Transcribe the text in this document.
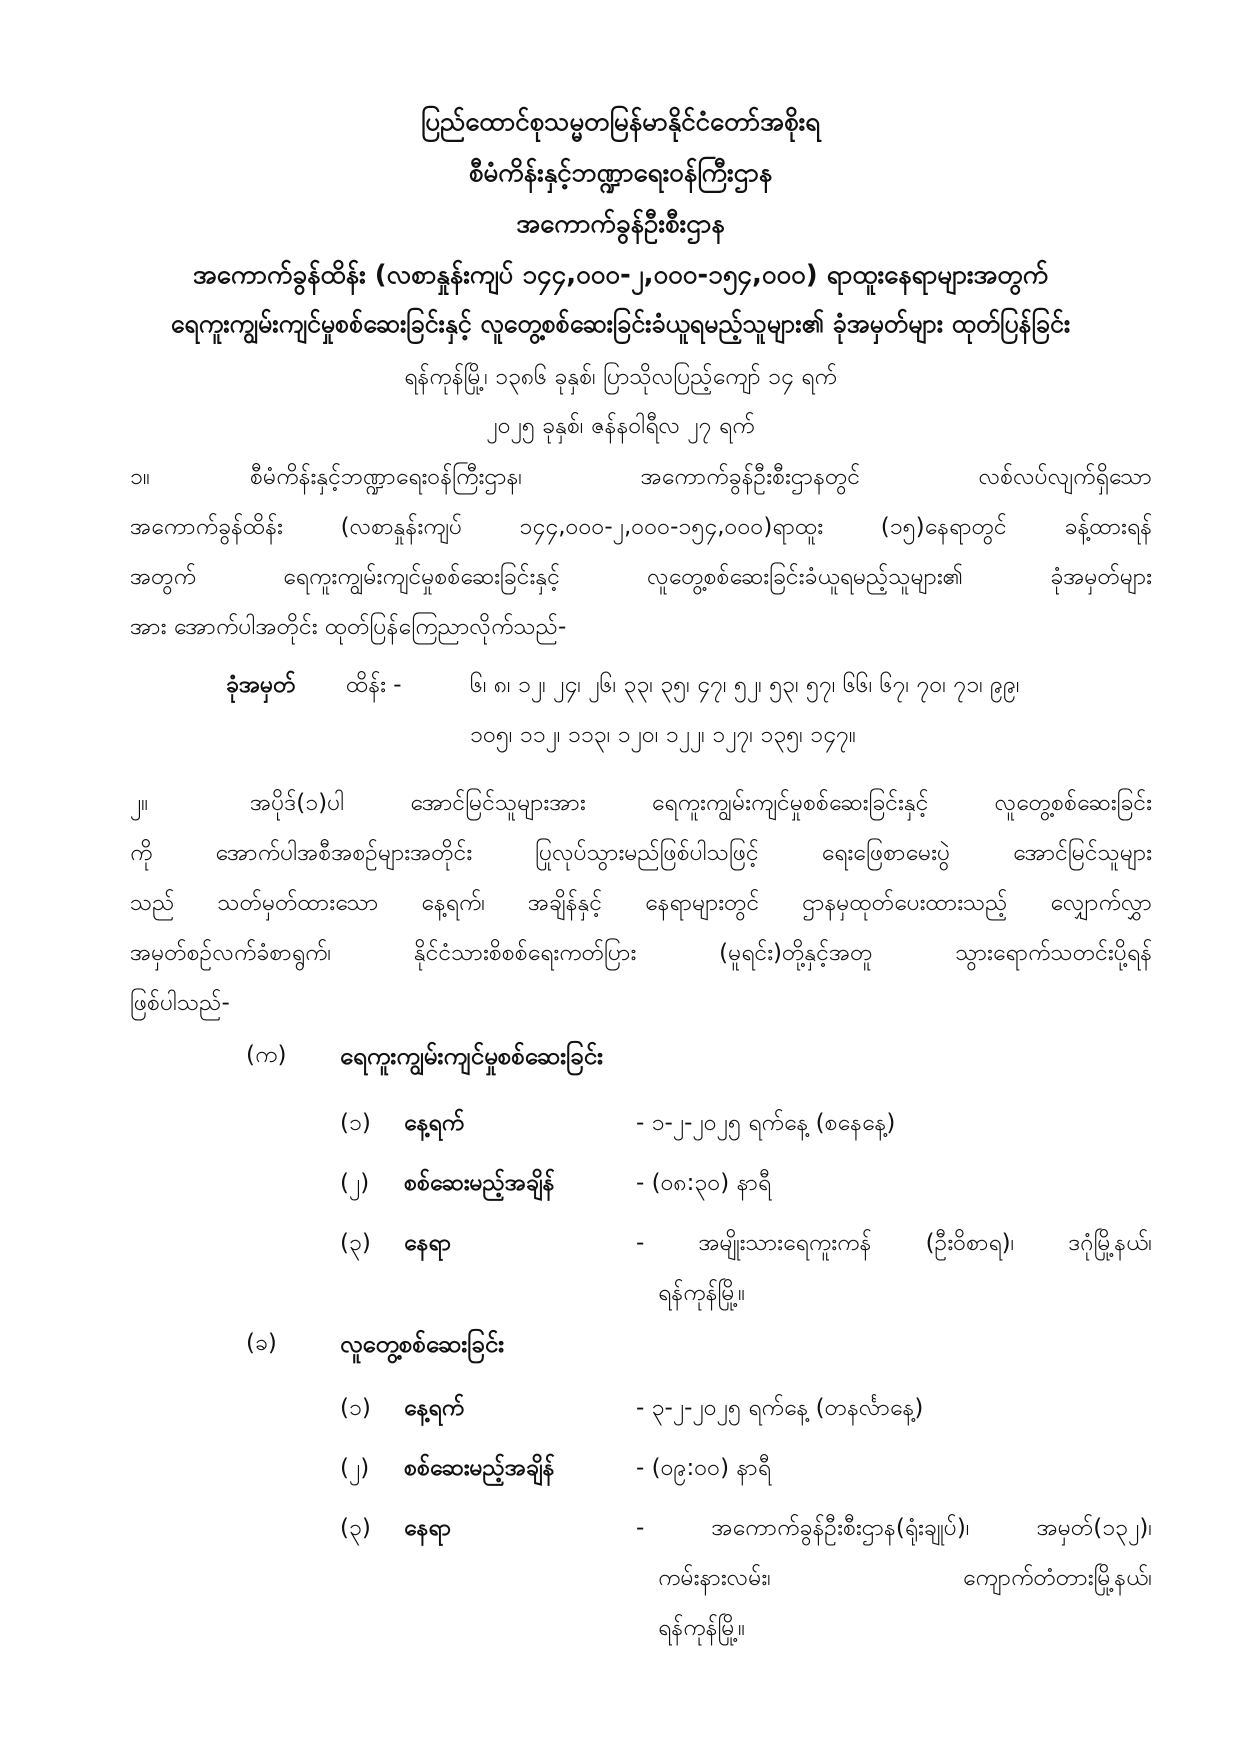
ပြည်ထောင်စုသမ္မတမြန်မာနိုင်ငံတော်အစိုးရ
စီမံကိန်းနှင့်ဘဏ္ဍာရေးဝန်ကြီးဌာန
အကောက်ခွန်ဦးစီးဌာန
အကောက်ခွန်ထိန်း (လစာနှုန်းကျပ် ၁၄၄,၀၀၀-၂,၀၀၀-၁၅၄,၀၀၀) ရာထူးနေရာများအတွက်
ရေကူးကျွမ်းကျင်မှုစစ်ဆေးခြင်းနှင့် လူတွေ့စစ်ဆေးခြင်းခံယူရမည့်သူများ၏ ခုံအမှတ်များ ထုတ်ပြန်ခြင်း
ရန်ကုန်မြို့၊ ၁၃၈၆ ခုနှစ်၊ ပြာသိုလပြည့်ကျော် ၁၄ ရက်
၂၀၂၅ ခုနှစ်၊ ဇန်နဝါရီလ ၂၇ ရက်
၁။	စီမံကိန်းနှင့်ဘဏ္ဍာရေးဝန်ကြီးဌာန၊ အကောက်ခွန်ဦးစီးဌာနတွင် လစ်လပ်လျက်ရှိသော
အကောက်ခွန်ထိန်း (လစာနှုန်းကျပ် ၁၄၄,၀၀၀-၂,၀၀၀-၁၅၄,၀၀၀)ရာထူး (၁၅)နေရာတွင် ခန့်ထားရန်
အတွက် ရေကူးကျွမ်းကျင်မှုစစ်ဆေးခြင်းနှင့် လူတွေ့စစ်ဆေးခြင်းခံယူရမည့်သူများ၏ ခုံအမှတ်များ
အား အောက်ပါအတိုင်း ထုတ်ပြန်ကြေညာလိုက်သည်-
ခုံအမှတ် ထိန်း -	၆၊ ၈၊ ၁၂၊ ၂၄၊ ၂၆၊ ၃၃၊ ၃၅၊ ၄၇၊ ၅၂၊ ၅၃၊ ၅၇၊ ၆၆၊ ၆၇၊ ၇၀၊ ၇၁၊ ၉၉၊
၁၀၅၊ ၁၁၂၊ ၁၁၃၊ ၁၂၀၊ ၁၂၂၊ ၁၂၇၊ ၁၃၅၊ ၁၄၇။
၂။	အပိုဒ်(၁)ပါ အောင်မြင်သူများအား ရေကူးကျွမ်းကျင်မှုစစ်ဆေးခြင်းနှင့် လူတွေ့စစ်ဆေးခြင်း
ကို အောက်ပါအစီအစဉ်များအတိုင်း ပြုလုပ်သွားမည်ဖြစ်ပါသဖြင့် ရေးဖြေစာမေးပွဲ အောင်မြင်သူများ
သည် သတ်မှတ်ထားသော နေ့ရက်၊ အချိန်နှင့် နေရာများတွင် ဌာနမှထုတ်ပေးထားသည့် လျှောက်လွှာ
အမှတ်စဉ်လက်ခံစာရွက်၊ နိုင်ငံသားစိစစ်ရေးကတ်ပြား (မူရင်း)တို့နှင့်အတူ သွားရောက်သတင်းပို့ရန်
ဖြစ်ပါသည်-
(က) ရေကူးကျွမ်းကျင်မှုစစ်ဆေးခြင်း
(၁) နေ့ရက်	- ၁-၂-၂၀၂၅ ရက်နေ့ (စနေနေ့)
(၂) စစ်ဆေးမည့်အချိန်	- (၀၈:၃၀) နာရီ
(၃) နေရာ	- အမျိုးသားရေကူးကန် (ဦးဝိစာရ)၊ ဒဂုံမြို့နယ်၊
ရန်ကုန်မြို့။
(ခ)	လူတွေ့စစ်ဆေးခြင်း
(၁) နေ့ရက်	- ၃-၂-၂၀၂၅ ရက်နေ့ (တနင်္လာနေ့)
(၂) စစ်ဆေးမည့်အချိန်	- (၀၉:၀၀) နာရီ
(၃) နေရာ	- အကောက်ခွန်ဦးစီးဌာန(ရုံးချုပ်)၊ အမှတ်(၁၃၂)၊
ကမ်းနားလမ်း၊ ကျောက်တံတားမြို့နယ်၊
ရန်ကုန်မြို့။
